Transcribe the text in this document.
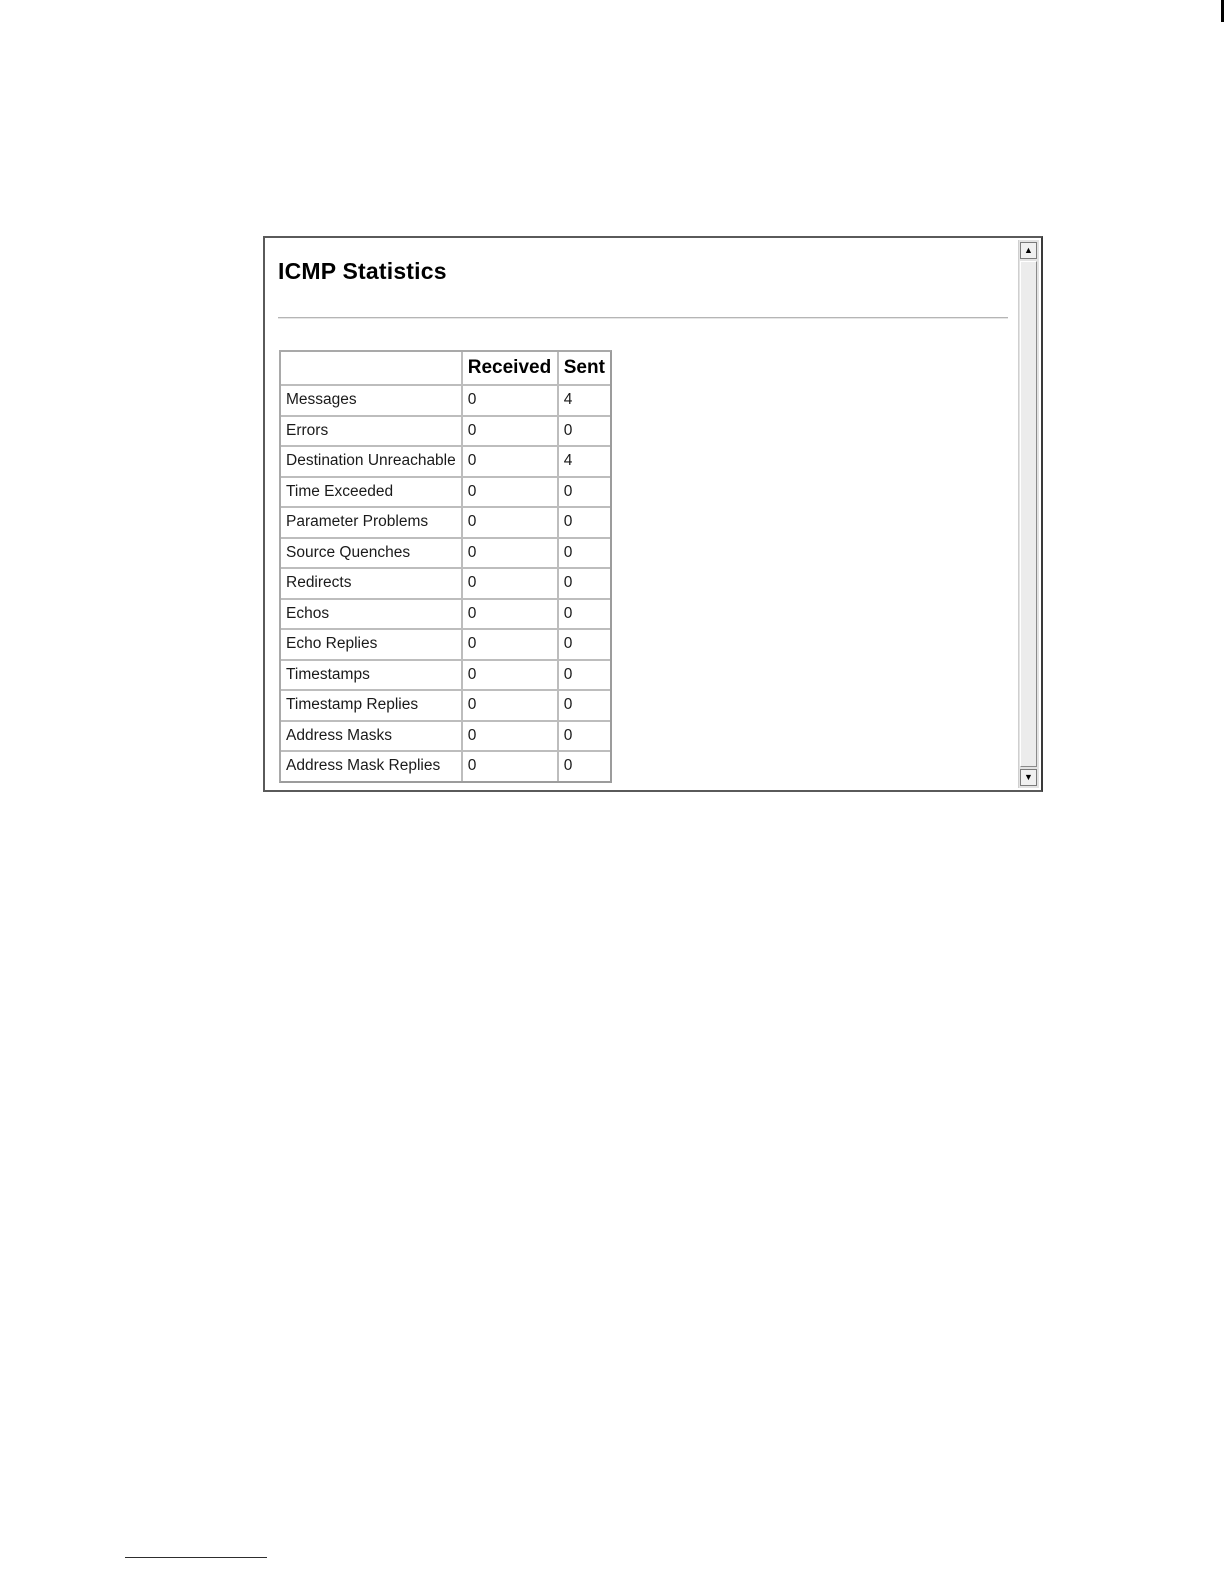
ICMP Statistics
	Received	Sent
Messages	0	4
Errors	0	0
Destination Unreachable	0	4
Time Exceeded	0	0
Parameter Problems	0	0
Source Quenches	0	0
Redirects	0	0
Echos	0	0
Echo Replies	0	0
Timestamps	0	0
Timestamp Replies	0	0
Address Masks	0	0
Address Mask Replies	0	0
▲
▼
